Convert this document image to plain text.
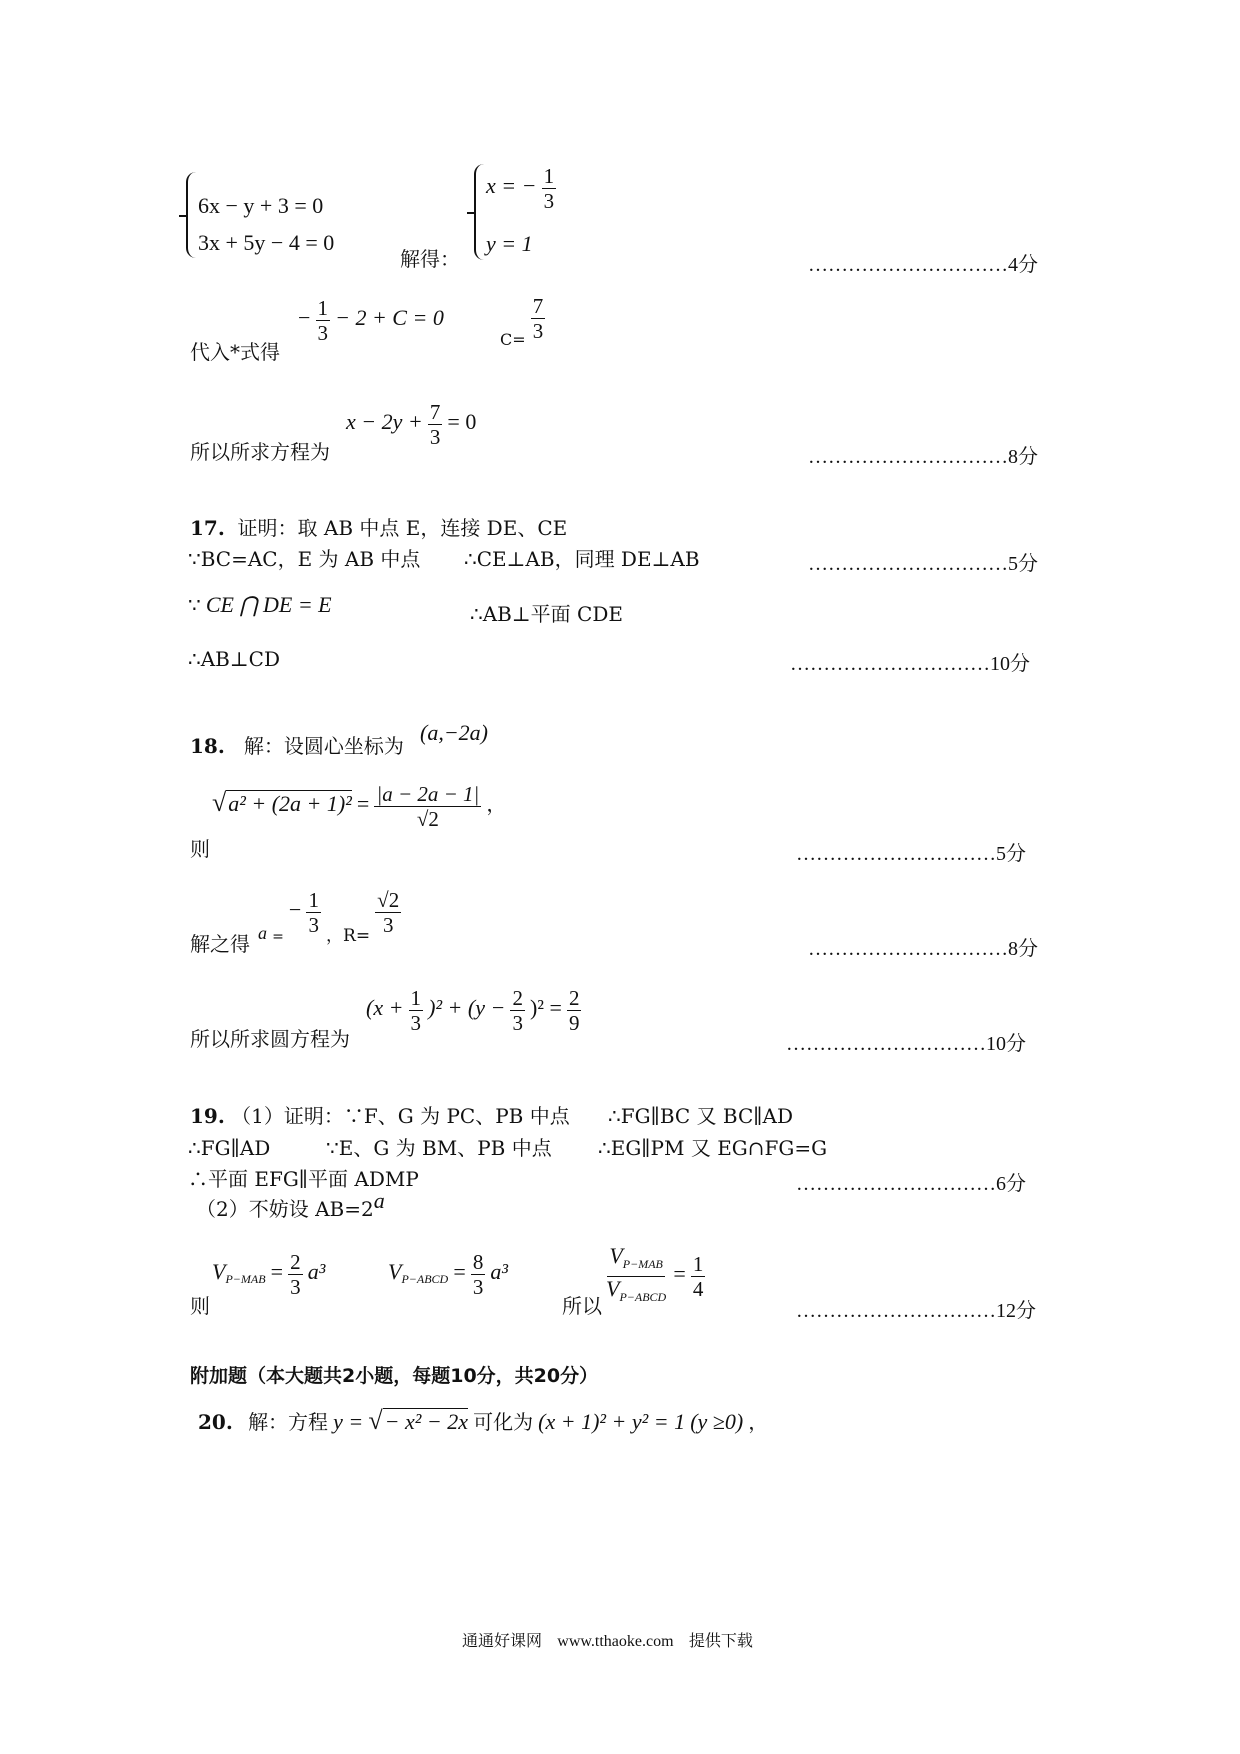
6x − y + 3 = 0
3x + 5y − 4 = 0
解得：
x = − $\frac{1}{3}$
y = 1
…………………………4分
代入*式得
− $\frac{1}{3} - 2 + C = 0$
$C= \frac{7}{3}$
所以所求方程为
$x - 2y + \frac{7}{3} = 0$
…………………………8分
17. 证明：取 AB 中点 E，连接 DE、CE
∵BC=AC，E 为 AB 中点 ∴CE⊥AB，同理 DE⊥AB	…………………………5分
∵ CE ⋂ DE = E	∴AB⊥平面 CDE
∴AB⊥CD	…………………………10分
18. 解：设圆心坐标为
(a,−2a)
则
$√a^2 + (2a + 1)^2 = \frac{|a - 2a - 1|}{√2}$ ，
…………………………5分
解之得 a = − $\frac{1}{3}$ ，$R= \frac{√2}{3}$
…………………………8分
所以所求圆方程为
$(x + \frac{1}{3} )^2 + (y - \frac{2}{3} )^2 = \frac{2}{9}$
…………………………10分
19. （1）证明：∵F、G 为 PC、PB 中点 ∴FG∥BC 又 BC∥AD
∴FG∥AD	∵E、G 为 BM、PB 中点 ∴EG∥PM 又 EG∩FG=G
∴平面 EFG∥平面 ADMP	…………………………6分
（2）不妨设 AB=2a
则
$V_{P-MAB} = \frac{2}{3} a^3$	$V_{P-ABCD} = \frac{8}{3} a^3$
所以 $\frac{V_{P-MAB}}{V_{P-ABCD}} = \frac{1}{4}$
…………………………12分
附加题（本大题共2小题，每题10分，共20分）
20. 解：方程 y = √− x² − 2x 可化为 (x + 1)² + y² = 1 (y ≥0) ，
通通好课网 www.tthaoke.com 提供下载
